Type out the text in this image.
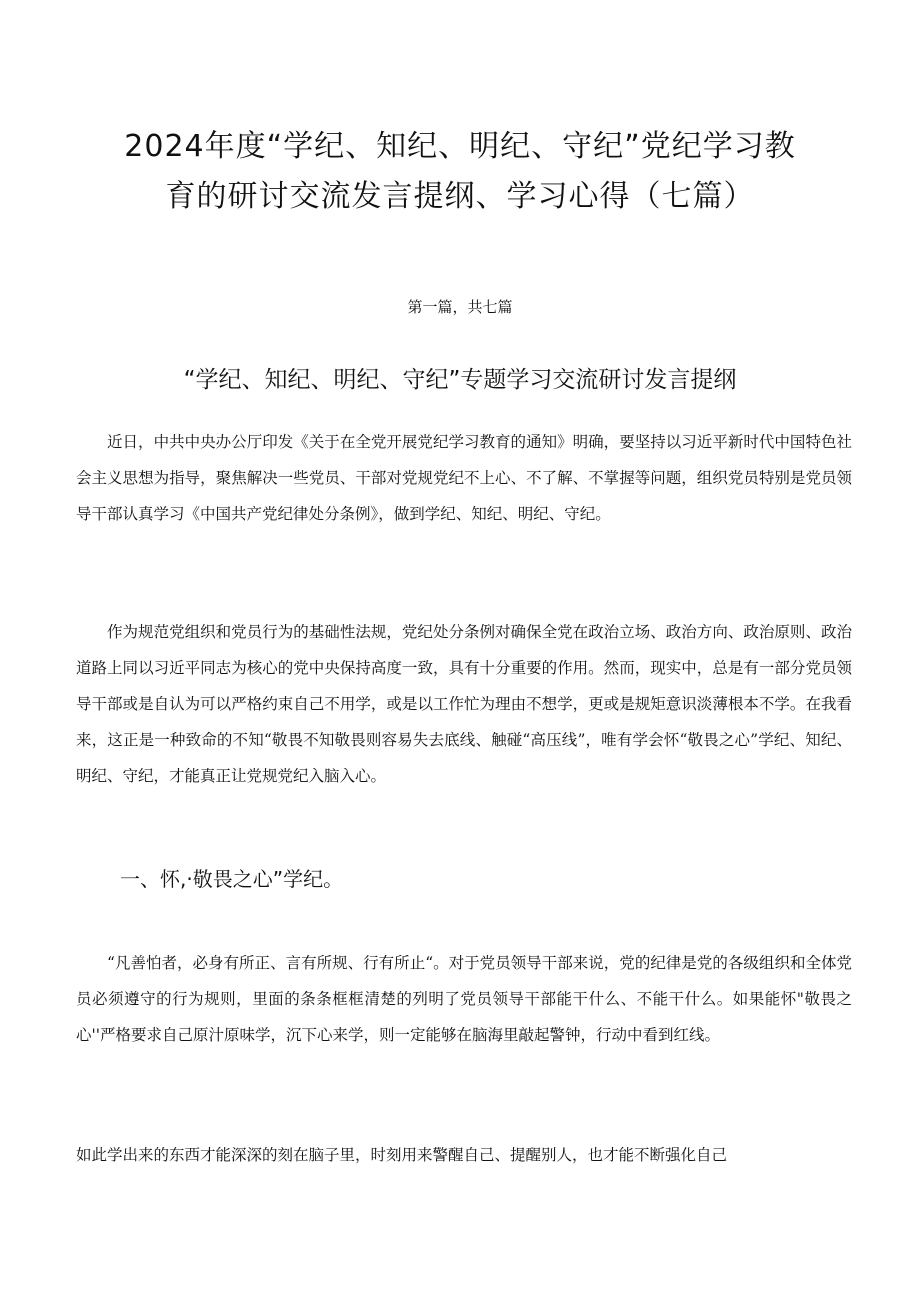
2024年度“学纪、知纪、明纪、守纪”党纪学习教
育的研讨交流发言提纲、学习心得（七篇）
第一篇，共七篇
“学纪、知纪、明纪、守纪”专题学习交流研讨发言提纲

近日，中共中央办公厅印发《关于在全党开展党纪学习教育的通知》明确，要坚持以习近平新时代中国特色社会主义思想为指导，聚焦解决一些党员、干部对党规党纪不上心、不了解、不掌握等问题，组织党员特别是党员领导干部认真学习《中国共产党纪律处分条例》，做到学纪、知纪、明纪、守纪。

作为规范党组织和党员行为的基础性法规，党纪处分条例对确保全党在政治立场、政治方向、政治原则、政治道路上同以习近平同志为核心的党中央保持高度一致，具有十分重要的作用。然而，现实中，总是有一部分党员领导干部或是自认为可以严格约束自己不用学，或是以工作忙为理由不想学，更或是规矩意识淡薄根本不学。在我看来，这正是一种致命的不知“敬畏不知敬畏则容易失去底线、触碰“高压线”，唯有学会怀“敬畏之心”学纪、知纪、明纪、守纪，才能真正让党规党纪入脑入心。

一、怀,·敬畏之心”学纪。

“凡善怕者，必身有所正、言有所规、行有所止“。对于党员领导干部来说，党的纪律是党的各级组织和全体党员必须遵守的行为规则，里面的条条框框清楚的列明了党员领导干部能干什么、不能干什么。如果能怀"敬畏之心''严格要求自己原汁原味学，沉下心来学，则一定能够在脑海里敲起警钟，行动中看到红线。

如此学出来的东西才能深深的刻在脑子里，时刻用来警醒自己、提醒别人，也才能不断强化自己
